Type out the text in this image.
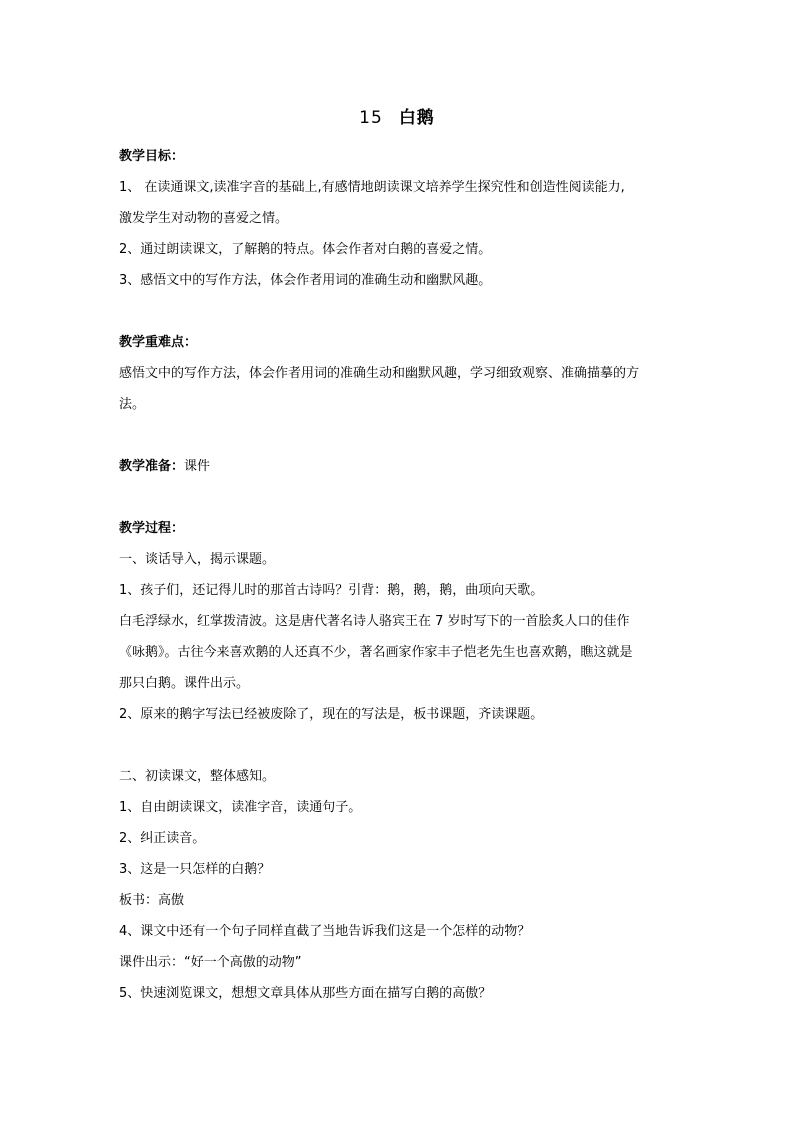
15 白鹅

教学目标：

1、 在读通课文,读准字音的基础上,有感情地朗读课文培养学生探究性和创造性阅读能力,

激发学生对动物的喜爱之情。

2、通过朗读课文，了解鹅的特点。体会作者对白鹅的喜爱之情。

3、感悟文中的写作方法，体会作者用词的准确生动和幽默风趣。

教学重难点：

感悟文中的写作方法，体会作者用词的准确生动和幽默风趣，学习细致观察、准确描摹的方

法。

教学准备：课件

教学过程：

一、谈话导入，揭示课题。

1、孩子们，还记得儿时的那首古诗吗？引背：鹅，鹅，鹅，曲项向天歌。

白毛浮绿水，红掌拨清波。这是唐代著名诗人骆宾王在 7 岁时写下的一首脍炙人口的佳作

《咏鹅》。古往今来喜欢鹅的人还真不少，著名画家作家丰子恺老先生也喜欢鹅，瞧这就是

那只白鹅。课件出示。

2、原来的鹅字写法已经被废除了，现在的写法是，板书课题，齐读课题。

二、初读课文，整体感知。

1、自由朗读课文，读准字音，读通句子。

2、纠正读音。

3、这是一只怎样的白鹅？

板书：高傲

4、课文中还有一个句子同样直截了当地告诉我们这是一个怎样的动物？

课件出示：“好一个高傲的动物”

5、快速浏览课文，想想文章具体从那些方面在描写白鹅的高傲？
